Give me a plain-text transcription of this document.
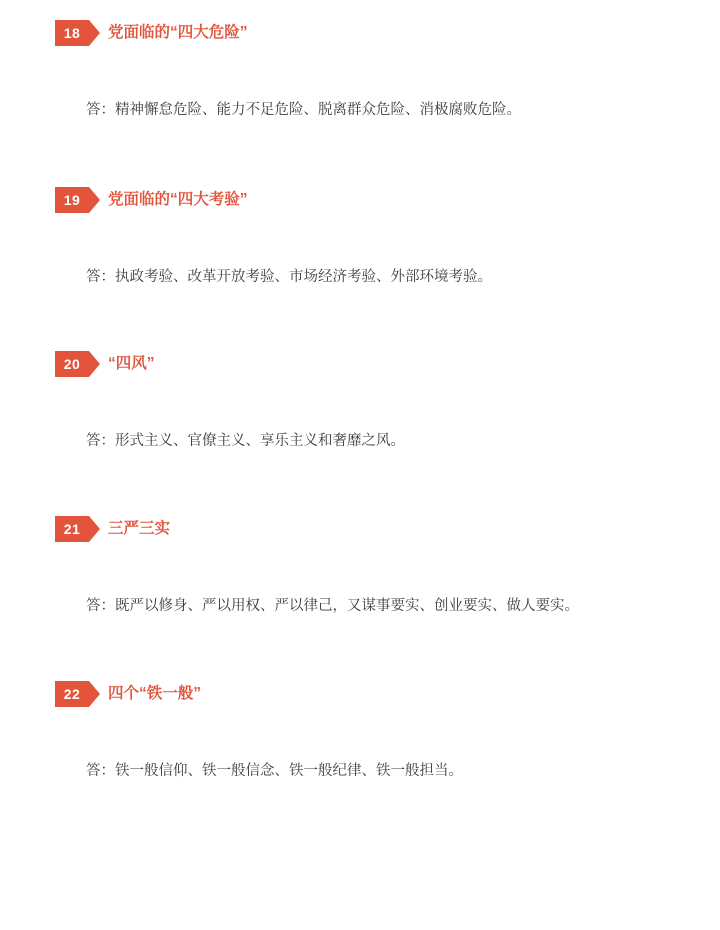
18	党面临的“四大危险”

答：精神懈怠危险、能力不足危险、脱离群众危险、消极腐败危险。

19	党面临的“四大考验”

答：执政考验、改革开放考验、市场经济考验、外部环境考验。

20	“四风”

答：形式主义、官僚主义、享乐主义和奢靡之风。

21	三严三实

答：既严以修身、严以用权、严以律己，又谋事要实、创业要实、做人要实。

22	四个“铁一般”

答：铁一般信仰、铁一般信念、铁一般纪律、铁一般担当。
